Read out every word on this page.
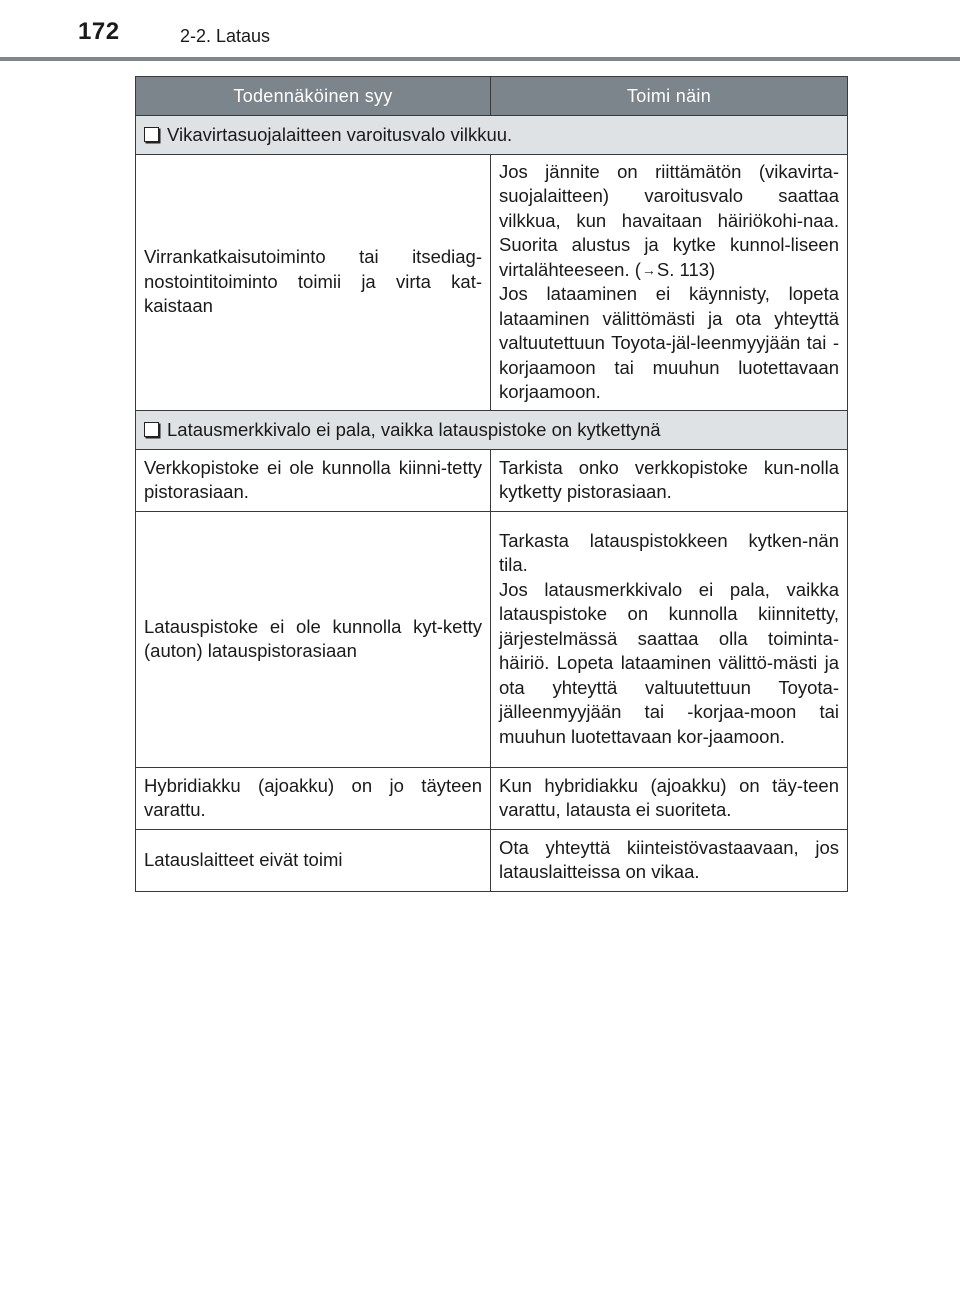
172	2-2. Lataus
Todennäköinen syy	Toimi näin
Vikavirtasuojalaitteen varoitusvalo vilkkuu.	
Virrankatkaisutoiminto tai itsediag-nostointitoiminto toimii ja virta kat-kaistaan	Jos jännite on riittämätön (vikavirta-suojalaitteen) varoitusvalo saattaa vilkkua, kun havaitaan häiriökohi-naa. Suorita alustus ja kytke kunnol-liseen virtalähteeseen. (→S. 113)
Jos lataaminen ei käynnisty, lopeta lataaminen välittömästi ja ota yhteyttä valtuutettuun Toyota-jäl-leenmyyjään tai -korjaamoon tai muuhun luotettavaan korjaamoon.

Latausmerkkivalo ei pala, vaikka latauspistoke on kytkettynä	
Verkkopistoke ei ole kunnolla kiinni-tetty pistorasiaan.	Tarkista onko verkkopistoke kun-nolla kytketty pistorasiaan.
Latauspistoke ei ole kunnolla kyt-ketty (auton) latauspistorasiaan	Tarkasta latauspistokkeen kytken-nän tila.
Jos latausmerkkivalo ei pala, vaikka latauspistoke on kunnolla kiinnitetty, järjestelmässä saattaa olla toiminta-häiriö. Lopeta lataaminen välittö-mästi ja ota yhteyttä valtuutettuun Toyota-jälleenmyyjään tai -korjaa-moon tai muuhun luotettavaan kor-jaamoon.

Hybridiakku (ajoakku) on jo täyteen varattu.	Kun hybridiakku (ajoakku) on täy-teen varattu, latausta ei suoriteta.
Latauslaitteet eivät toimi	Ota yhteyttä kiinteistövastaavaan, jos latauslaitteissa on vikaa.
